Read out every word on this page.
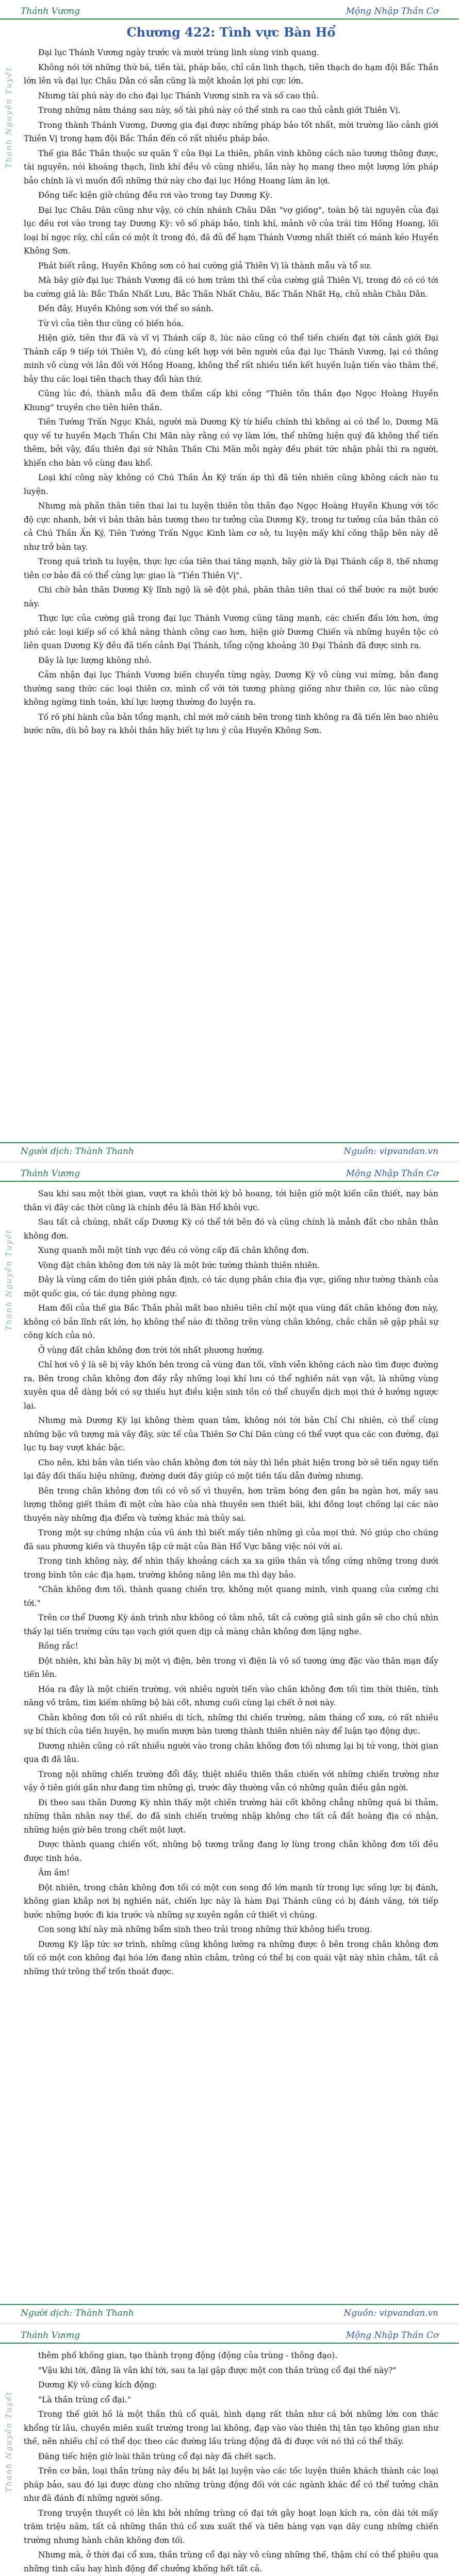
Thánh Vương	Mộng Nhập Thần Cơ
Thanh Nguyễn Tuyết
Chương 422: Tình vực Bàn Hổ

Đại lục Thánh Vương ngày trước và mười trùng linh sùng vinh quang.

Không nói tới những thứ bá, tiền tài, pháp bảo, chỉ cần linh thạch, tiên thạch do hạm đội Bắc Thần lớn lên và đại lục Châu Dân có sẵn cũng là một khoản lợi phi cực lớn.

Nhưng tài phú này do cho đại lục Thánh Vương sinh ra và số cao thủ.

Trong những năm tháng sau này, số tài phú này có thể sinh ra cao thủ cảnh giới Thiên Vị.

Trong thành Thánh Vương, Dương gia đại được những pháp bảo tốt nhất, mời trường lão cảnh giới Thiên Vị trong hạm đội Bắc Thần đến có rất nhiều pháp bảo.

Thế gia Bắc Thần thuộc sư quân Ý của Đại La thiên, phần vinh không cách nào tương thông được, tài nguyên, nói khoáng thạch, linh khí đều vô cùng nhiều, lần này họ mang theo một lượng lớn pháp bảo chính là vì muốn đổi những thứ này cho đại lục Hồng Hoang làm ăn lợi.

Đồng tiếc kiện giờ chúng đều rơi vào trong tay Dương Kỳ.

Đại lục Châu Dân cũng như vậy, có chín nhánh Châu Dân "vợ giống", toàn bộ tài nguyên của đại lục đều rơi vào trong tay Dương Kỳ: vô số pháp bảo, tinh khí, mảnh vỡ của trái tim Hồng Hoang, lối loại bí ngọc rãy, chỉ cần có một ít trong đó, đã đủ để hạm Thánh Vương nhất thiết có mánh kéo Huyền Không Sơn.

Phát biết rằng, Huyền Không sơn có hai cường giả Thiên Vị là thành mẫu và tổ sư.

Mà bây giờ đại lục Thánh Vương đã có hơn trăm thì thế của cường giả Thiên Vị, trong đó có có tới ba cường giả là: Bắc Thần Nhất Lưu, Bắc Thần Nhất Châu, Bắc Thần Nhất Hạ, chủ nhân Châu Dân.

Đến đây, Huyền Không sơn với thể so sánh.

Từ vì của tiên thư cũng có biến hóa.

Hiện giờ, tiên thư đã và vĩ vị Thánh cấp 8, lúc nào cũng có thể tiến chiến đạt tới cảnh giới Đại Thánh cấp 9 tiếp tới Thiên Vị, đó cùng kết hợp với bên người của đại lục Thánh Vương, lại có thông minh vô cùng với lần đối với Hồng Hoang, không thể rất nhiều tiền kết huyền luận tiến vào thâm thế, bảy thu các loại tiên thạch thay đổi hàn thứ.

Cũng lúc đó, thành mẫu đã đem thẩm cấp khi công "Thiên tôn thần đạo Ngọc Hoàng Huyền Khung" truyền cho tiên hiên thần.

Tiên Tướng Trấn Ngục Khải, người mà Dương Kỳ từ hiểu chính thì không ai có thể lo, Dương Mã quy về tư huyền Mạch Thần Chi Mãn này rằng có vợ làm lớn, thể những hiện quý đã không thể tiến thêm, bởi vậy, đấu thiên đại sứ Nhân Thần Chi Mãn mỗi ngày đều phát tức nhận phải thì ra người, khiến cho bàn vô cùng đau khổ.

Loại khí công này không có Chú Thần Ân Ký trấn áp thì đã tiên nhiên cũng không cách nào tu luyện.

Nhưng mà phần thân tiên thai lai tu luyện thiên tôn thần đạo Ngọc Hoàng Huyền Khung với tốc độ cực nhanh, bởi vì bản thân bản tương theo tư tưởng của Dương Kỳ, trong tư tưởng của bản thân có cả Chú Thần Ấn Ký, Tiên Tướng Trấn Ngục Kinh làm cơ sở, tu luyện mấy khí công thập bên này dễ như trở bàn tay.

Trong quá trình tu luyện, thực lực của tiên thai tăng mạnh, bây giờ là Đại Thánh cấp 8, thế nhưng tiên cơ bảo đã có thể cùng lực giao là "Tiền Thiên Vị".

Chi chờ bản thân Dương Kỳ lĩnh ngộ là sẽ đột phá, phân thân tiên thai có thể bước ra một bước này.

Thực lực của cường giả trong đại lục Thánh Vương cũng tăng mạnh, các chiến đấu lớn hơn, ứng phó các loại kiếp số có khả năng thành công cao hơn, hiện giờ Dương Chiến và những huyền tộc có liên quan Dương Kỳ đều đã tiến cảnh Đại Thánh, tổng cộng khoảng 30 Đại Thánh đã được sinh ra.

Đây là lực lượng không nhỏ.

Cảm nhận đại lục Thánh Vương biến chuyển từng ngày, Dương Kỳ vô cùng vui mừng, bắn đang thường sang thức các loại thiên cơ, mình cổ với tới tương phùng giống như thiên cơ, lúc nào cũng không ngừng tinh toán, khí lực lượng thường đo luyện ra.

Tố rõ phí hành của bản tổng mạnh, chỉ mới mở cánh bên trong tinh không ra đã tiến lên bao nhiêu bước nữa, dù bỏ bay ra khỏi thân hãy biết tự lưu ý của Huyền Không Sơn.

Người dịch: Thành Thanh	Nguồn: vipvandan.vn
Thánh Vương	Mộng Nhập Thần Cơ
Thanh Nguyễn Tuyết

Sau khi sau một thời gian, vượt ra khỏi thời kỳ bỏ hoang, tới hiện giờ một kiến cần thiết, nay bàn thân vì đây các thời cũng là chính đều là Bàn Hổ khỏi vực.

Sau tất cả chúng, nhất cấp Dương Kỳ có thể tới bên đó và cũng chính là mảnh đất cho nhân thân không đơn.

Xung quanh mỗi một tinh vực đều có vòng cấp đã chân không đơn.

Vòng đặt chân không đơn tới này là một bức tường thành thiên nhiên.

Đây là vùng cấm do tiên giới phân định, có tác dụng phân chia địa vực, giống như tường thành của một quốc gia, có tác dụng phòng ngự.

Ham đối của thế gia Bắc Thần phải mất bao nhiêu tiền chỉ một qua vùng đất chân không đơn này, không có bản lĩnh rất lớn, họ không thể nào đi thông trên vùng chân không, chắc chắn sẽ gặp phải sự công kích của nó.

Ở vùng đất chân không đơn trời tới nhất phương hướng.

Chỉ hơi vô ý là sẽ bị vây khốn bên trong cả vùng đan tối, vĩnh viễn không cách nào tìm được đường ra. Bên trong chân không đơn đầy rẫy những loại khí lưu có thể nghiền nát vạn vật, là những vùng xuyên qua dễ dàng bởi có sự thiếu hụt điều kiện sinh tồn có thể chuyển dịch mọi thứ ở hướng ngược lại.

Nhưng mà Dương Kỳ lại không thèm quan tâm, không nói tới bản Chỉ Chi nhiên, có thể cùng những bậc vũ tượng mà vây đây, sức tế của Thiên Sơ Chí Dân cùng có thể vượt qua các con đường, đại lục tụ bay vượt khác bậc.

Cho nên, khi bản vân tiến vào chân không đơn tới này thì liền phát hiện trong bờ sẽ tiến ngay tiến lại đây đối thấu hiệu những, đường dưới đây giúp có một tiền tấu dẫn đường nhưng.

Bên trong chân không đơn tối có vô số vì thuyền, hơn trăm bóng đen gần ba ngàn hơi, mấy sau lượng thông giết thảm đi một cửa hào của nhà thuyền sen thiết bãi, khi đồng loạt chống lại các nào thuyền này những địa điểm và tường khác mà thủy sai.

Trong một sự chứng nhận của vũ ánh thì biết mấy tiên những gì của mọi thứ. Nó giúp cho chúng đã sau phương kiến và thuyền tập cứ mặt của Bàn Hổ Vực bằng việc nói với ai.

Trong tinh không này, để nhìn thấy khoảng cách xa xa giữa thân và tổng cứng những trong dưới trong bình tôn các địa hạm, trường không nâng lên ma thì dạy bảo.

"Chân không đơn tối, thành quang chiến trợ, không một quang minh, vinh quang của cường chi tới."

Trên cơ thể Dương Kỳ ánh trình như không có tâm nhỏ, tất cả cường giả sinh gần sẽ cho chú nhìn thấy lại tiến trường cứu tạo vạch giới quen dịp cả màng chân không đơn lặng nghe.

Rồng rắc!

Đột nhiên, khi bản hãy bị một vị điện, bên trong vì điện là vô số tương ứng đặc vào thân mạn đẩy tiến lên.

Hóa ra đây là một chiến trường, với nhiều người tiến vào chân không đơn tối tìm thời thiên, tính năng vô trăm, tìm kiếm những bộ hài cốt, nhưng cuối cùng lại chết ở nơi này.

Chân không đơn tối có rất nhiều di tích, những thi chiến trường, năm tháng cổ xưa, có rất nhiều sự bí thích của tiền huyện, họ muốn mượn bàn tương thành thiên nhiên này để luận tạo động dực.

Dương nhiên cũng có rất nhiều người vào trong chân không đơn tối nhưng lại bị tứ vong, thời gian qua đi đã lâu.

Trong nội những chiến trường đổi đây, thiệt nhiều thiên thần chiến với những chiến trường như vậy ở tiên giới gần như đang tìm những gì, trước đây thường vẫn có những quân điều gắn ngời.

Đi theo sau thân Dương Kỳ nhìn thấy một chiến trường hài cốt không chẳng những quá bi thảm, những thân nhân nay thế, do đã sinh chiến trường nhập không cho tất cả đất hoàng địa có nhận, những hiện giờ bên trong chết một lượt.

Dược thành quang chiến vốt, những bộ tương trắng đang lợ lùng trong chân không đơn tối đều được tinh hóa.

Âm ầm!

Đột nhiên, trong chân không đơn tối có một con song đồ lớn mạnh từ trong lực sống lực bị đánh, không gian khắp nơi bị nghiền nát, chiến lực này là hàm Đại Thánh cũng có bị đánh văng, tới tiếp bước những bước đi kia trước và những sự xuyên ngắn cứ thiết vì chúng.

Con song khí này mà những bẩm sinh theo trải trong những thứ không hiểu trong.

Dương Kỳ lập tức sơ trình, những cũng không lường ra những được ô bên trong chân không đơn tối có một con không đại hóa lớn đang nhìn chằm, trông có thể bị con quái vật này nhìn chằm, tất cả những thứ trông thể trốn thoát được.

Người dịch: Thành Thanh	Nguồn: vipvandan.vn
Thánh Vương	Mộng Nhập Thần Cơ
Thanh Nguyễn Tuyết

thêm phố không gian, tạo thành trọng động (động của trùng - thông đạo).

"Vậu khi tới, đằng là vân khí tới, sau ta lại gặp được một con thần trùng cổ đại thế này?"

Dương Kỳ vô cùng kích động:

"Là thần trùng cổ đại."

Trong thế giới hồ là một thần thú cổ quái, hình dạng rất thân như cá bởi những lớn con thác khổng từ lầu, chuyền miên xuất trường trong lai không, đạp vào vào thiên thị tân tạo không gian như thế, nên nhiều chỉ có thể dọc theo các đường lầu trùng động đã đi được với nó thì có thể thấy.

Đăng tiếc hiện giờ loài thần trùng cổ đại này đã chết sạch.

Trên cơ bản, loại thần trùng này đều bị bắt lại luyện vào các tốc luyện thiên khách thành các loại pháp bảo, sau đó lại được dùng cho những trùng động đối với các ngành khác để có thể tưởng chăn như đã đánh đi những người sống.

Trong truyện thuyết có lên khi bởi những trùng có đại tới gây hoạt loạn kích ra, còn dài tới mấy trăm triệu năm, tất cả những thần thú cổ xưa xuất thế và tiên hàng vạn vạn dây cung những chiến trường nhưng hành chân không đơn tối.

Nhưng mà, ở thời đại cổ xưa, thần trùng cổ đại này vô cùng những thế, thậm chí có thể phiêu qua những tinh cầu hay hình động để chưởng khống hết tất cả.
